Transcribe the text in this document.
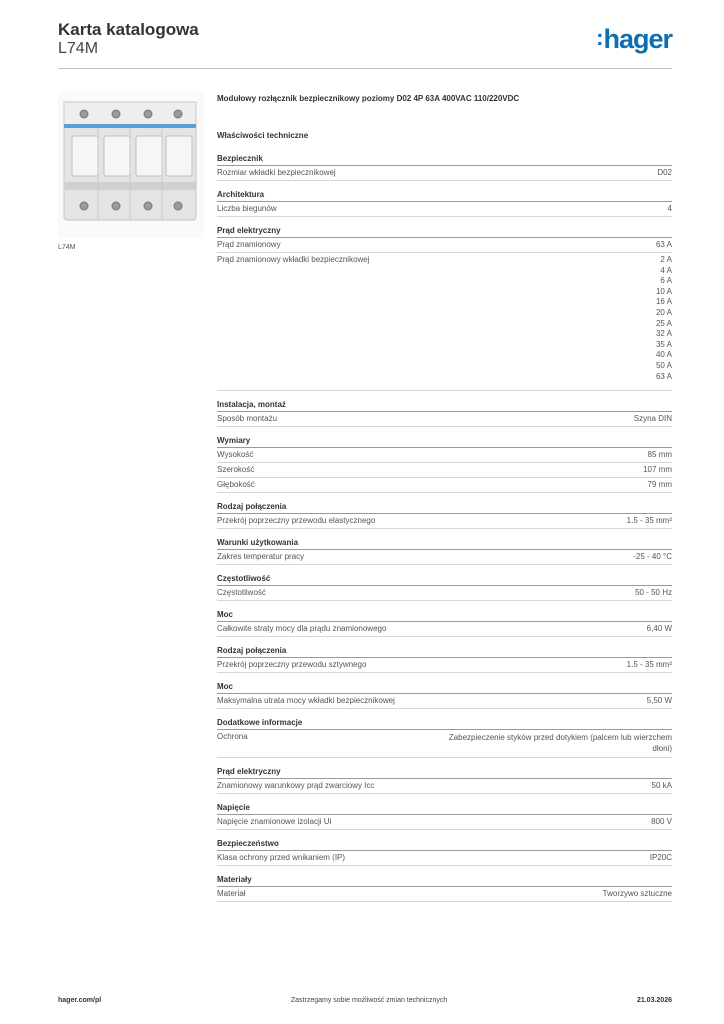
Karta katalogowa
L74M	:hager
L74M
Modułowy rozłącznik bezpiecznikowy poziomy D02 4P 63A 400VAC 110/220VDC
Właściwości techniczne
Bezpiecznik
Rozmiar wkładki bezpiecznikowej	D02
Architektura
Liczba biegunów	4
Prąd elektryczny
Prąd znamionowy	63 A
Prąd znamionowy wkładki bezpiecznikowej	2 A
4 A
6 A
10 A
16 A
20 A
25 A
32 A
35 A
40 A
50 A
63 A
Instalacja, montaż
Sposób montażu	Szyna DIN
Wymiary
Wysokość	85 mm
Szerokość	107 mm
Głębokość	79 mm
Rodzaj połączenia
Przekrój poprzeczny przewodu elastycznego	1.5 - 35 mm²
Warunki użytkowania
Zakres temperatur pracy	-25 - 40 °C
Częstotliwość
Częstotliwość	50 - 50 Hz
Moc
Całkowite straty mocy dla prądu znamionowego	6,40 W
Rodzaj połączenia
Przekrój poprzeczny przewodu sztywnego	1.5 - 35 mm²
Moc
Maksymalna utrata mocy wkładki bezpiecznikowej	5,50 W
Dodatkowe informacje
Ochrona	Zabezpieczenie styków przed dotykiem (palcem lub wierzchem dłoni)
Prąd elektryczny
Znamionowy warunkowy prąd zwarciowy Icc	50 kA
Napięcie
Napięcie znamionowe izolacji Ui	800 V
Bezpieczeństwo
Klasa ochrony przed wnikaniem (IP)	IP20C
Materiały
Materiał	Tworzywo sztuczne
hager.com/pl	Zastrzegamy sobie możliwość zmian technicznych	21.03.2026
